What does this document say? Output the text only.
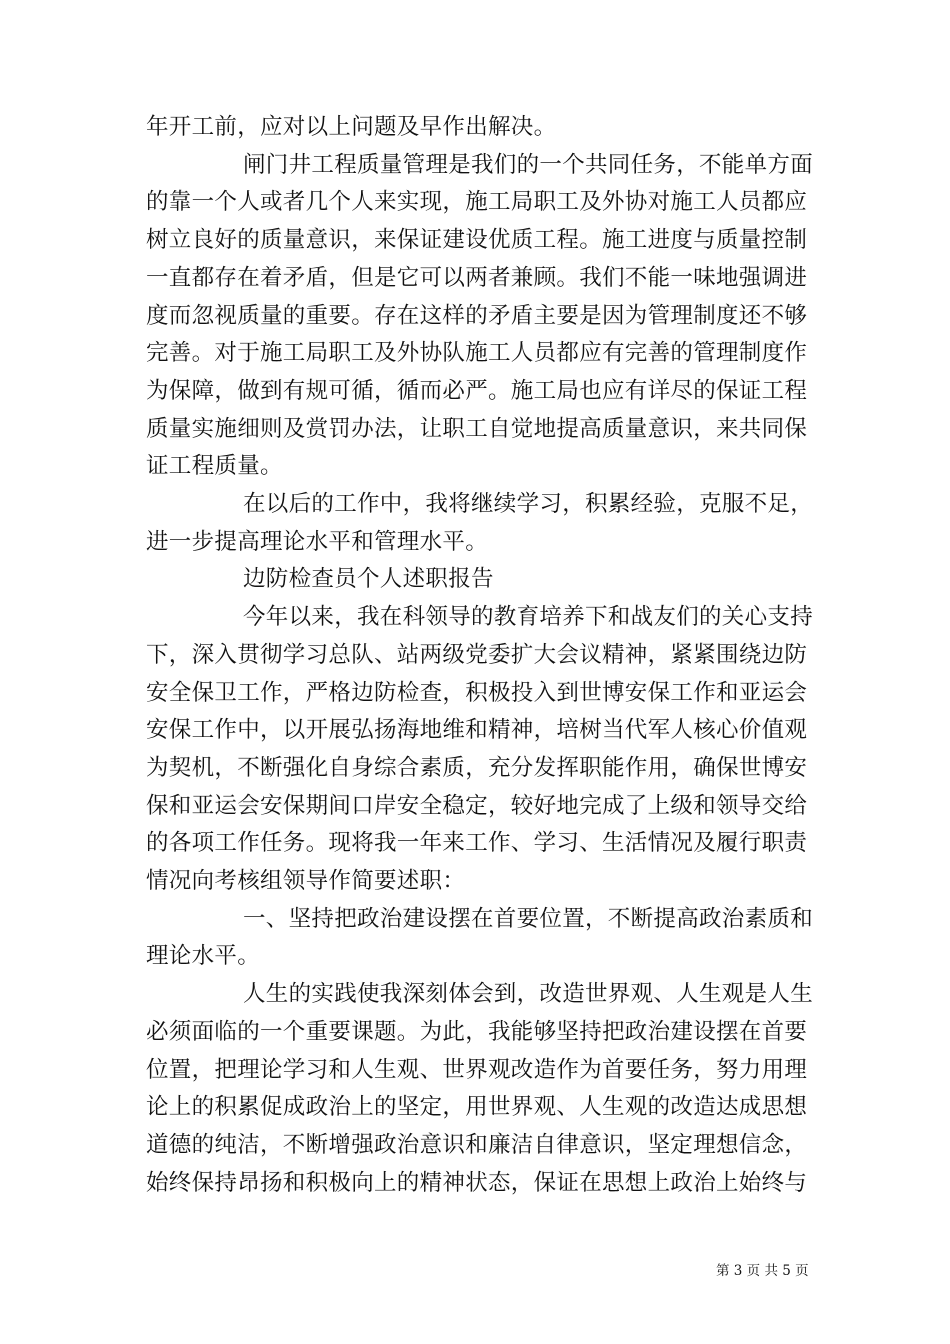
年开工前，应对以上问题及早作出解决。
闸门井工程质量管理是我们的一个共同任务，不能单方面
的靠一个人或者几个人来实现，施工局职工及外协对施工人员都应
树立良好的质量意识，来保证建设优质工程。施工进度与质量控制
一直都存在着矛盾，但是它可以两者兼顾。我们不能一味地强调进
度而忽视质量的重要。存在这样的矛盾主要是因为管理制度还不够
完善。对于施工局职工及外协队施工人员都应有完善的管理制度作
为保障，做到有规可循，循而必严。施工局也应有详尽的保证工程
质量实施细则及赏罚办法，让职工自觉地提高质量意识，来共同保
证工程质量。
在以后的工作中，我将继续学习，积累经验，克服不足，
进一步提高理论水平和管理水平。
边防检查员个人述职报告
今年以来，我在科领导的教育培养下和战友们的关心支持
下，深入贯彻学习总队、站两级党委扩大会议精神，紧紧围绕边防
安全保卫工作，严格边防检查，积极投入到世博安保工作和亚运会
安保工作中，以开展弘扬海地维和精神，培树当代军人核心价值观
为契机，不断强化自身综合素质，充分发挥职能作用，确保世博安
保和亚运会安保期间口岸安全稳定，较好地完成了上级和领导交给
的各项工作任务。现将我一年来工作、学习、生活情况及履行职责
情况向考核组领导作简要述职：
一、坚持把政治建设摆在首要位置，不断提高政治素质和
理论水平。
人生的实践使我深刻体会到，改造世界观、人生观是人生
必须面临的一个重要课题。为此，我能够坚持把政治建设摆在首要
位置，把理论学习和人生观、世界观改造作为首要任务，努力用理
论上的积累促成政治上的坚定，用世界观、人生观的改造达成思想
道德的纯洁，不断增强政治意识和廉洁自律意识，坚定理想信念，
始终保持昂扬和积极向上的精神状态，保证在思想上政治上始终与
第 3 页 共 5 页
